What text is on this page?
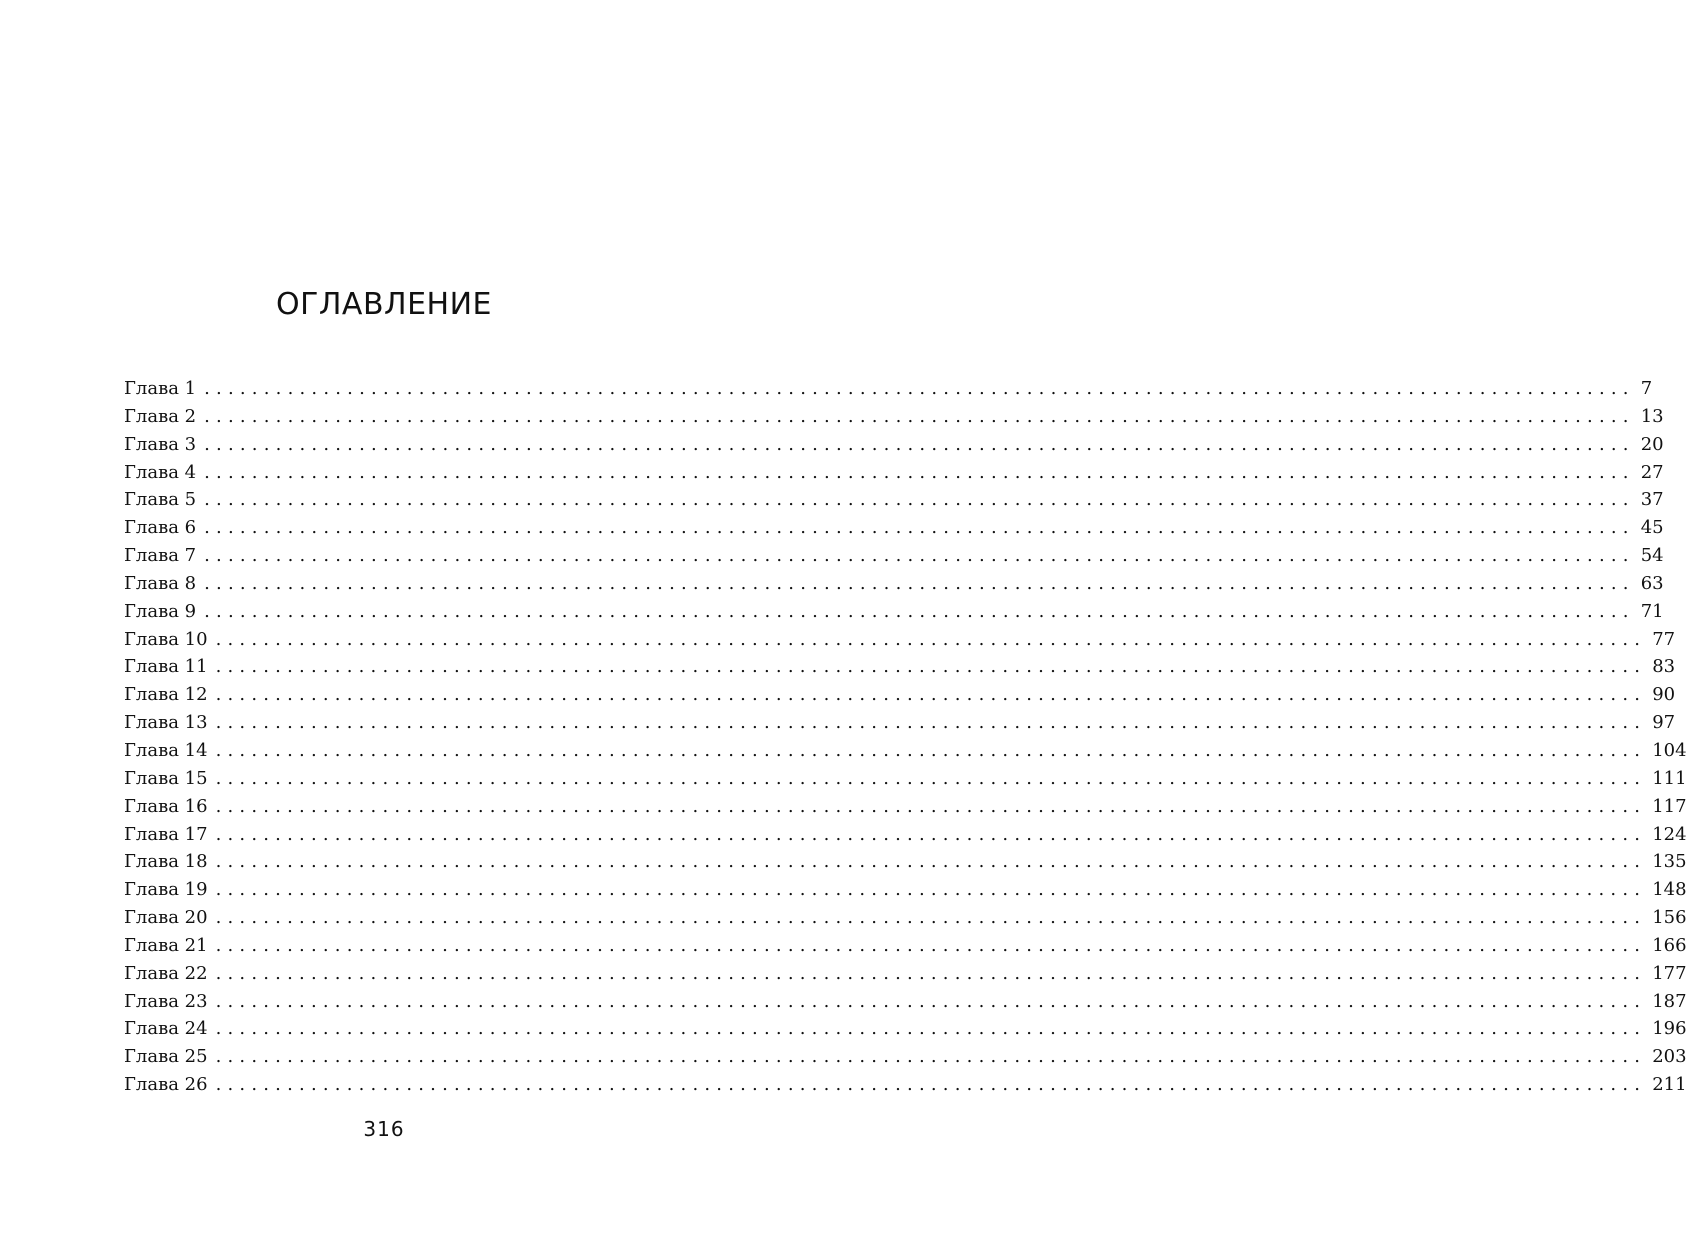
ОГЛАВЛЕНИЕ
Глава 1 ........................................................................................................................ 7
Глава 2 ........................................................................................................................ 13
Глава 3 ........................................................................................................................ 20
Глава 4 ........................................................................................................................ 27
Глава 5 ........................................................................................................................ 37
Глава 6 ........................................................................................................................ 45
Глава 7 ........................................................................................................................ 54
Глава 8 ........................................................................................................................ 63
Глава 9 ........................................................................................................................ 71
Глава 10 ........................................................................................................................ 77
Глава 11 ........................................................................................................................ 83
Глава 12 ........................................................................................................................ 90
Глава 13 ........................................................................................................................ 97
Глава 14 ........................................................................................................................ 104
Глава 15 ........................................................................................................................ 111
Глава 16 ........................................................................................................................ 117
Глава 17 ........................................................................................................................ 124
Глава 18 ........................................................................................................................ 135
Глава 19 ........................................................................................................................ 148
Глава 20 ........................................................................................................................ 156
Глава 21 ........................................................................................................................ 166
Глава 22 ........................................................................................................................ 177
Глава 23 ........................................................................................................................ 187
Глава 24 ........................................................................................................................ 196
Глава 25 ........................................................................................................................ 203
Глава 26 ........................................................................................................................ 211
316
